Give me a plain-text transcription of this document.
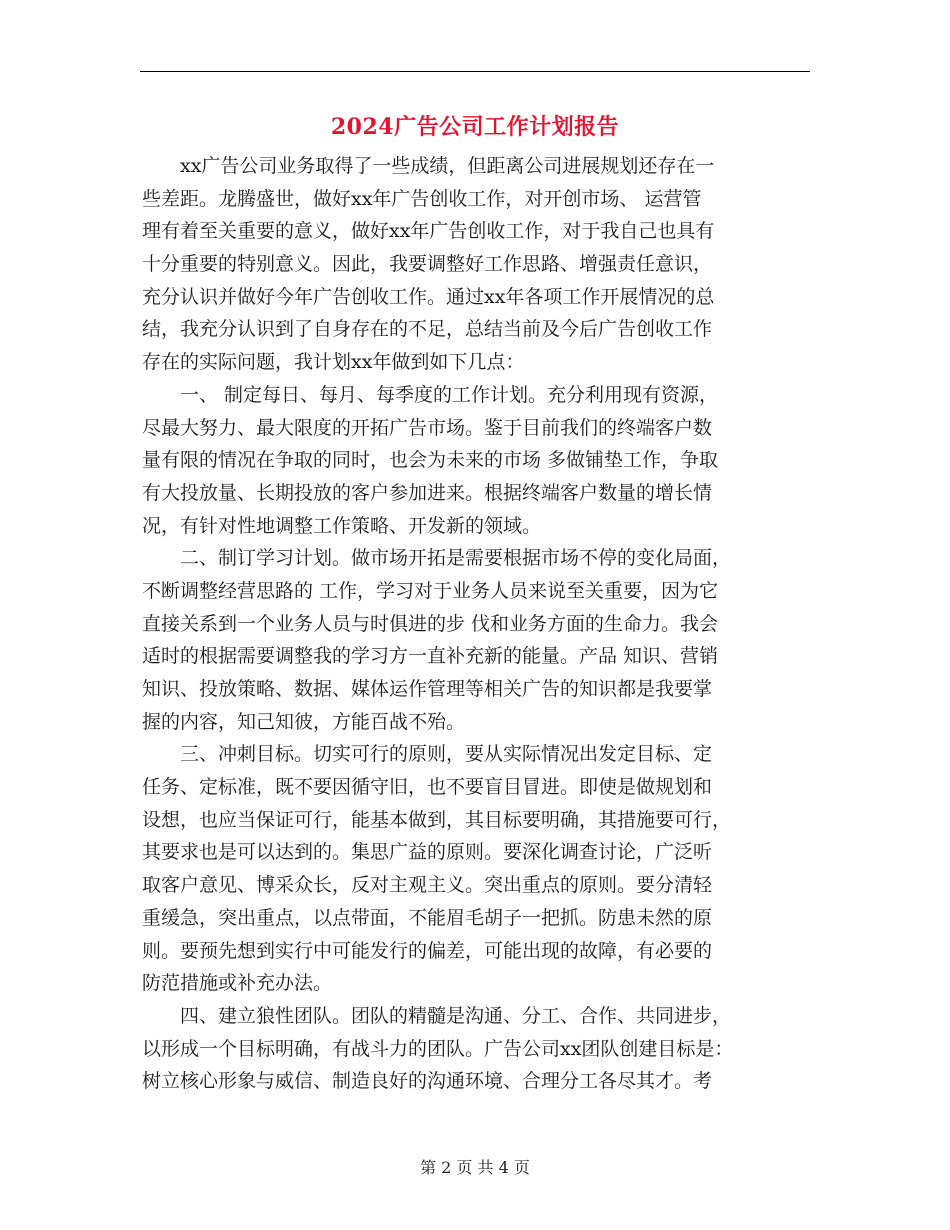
2024广告公司工作计划报告
　　xx广告公司业务取得了一些成绩，但距离公司进展规划还存在一
些差距。龙腾盛世，做好xx年广告创收工作，对开创市场、 运营管
理有着至关重要的意义，做好xx年广告创收工作，对于我自己也具有
十分重要的特别意义。因此，我要调整好工作思路、增强责任意识，
充分认识并做好今年广告创收工作。通过xx年各项工作开展情况的总
结，我充分认识到了自身存在的不足，总结当前及今后广告创收工作
存在的实际问题，我计划xx年做到如下几点：
　　一、 制定每日、每月、每季度的工作计划。充分利用现有资源，
尽最大努力、最大限度的开拓广告市场。鉴于目前我们的终端客户数
量有限的情况在争取的同时，也会为未来的市场 多做铺垫工作，争取
有大投放量、长期投放的客户参加进来。根据终端客户数量的增长情
况，有针对性地调整工作策略、开发新的领域。
　　二、制订学习计划。做市场开拓是需要根据市场不停的变化局面，
不断调整经营思路的 工作，学习对于业务人员来说至关重要，因为它
直接关系到一个业务人员与时俱进的步 伐和业务方面的生命力。我会
适时的根据需要调整我的学习方一直补充新的能量。产品 知识、营销
知识、投放策略、数据、媒体运作管理等相关广告的知识都是我要掌
握的内容，知己知彼，方能百战不殆。
　　三、冲刺目标。切实可行的原则，要从实际情况出发定目标、定
任务、定标准，既不要因循守旧，也不要盲目冒进。即使是做规划和
设想，也应当保证可行，能基本做到，其目标要明确，其措施要可行，
其要求也是可以达到的。集思广益的原则。要深化调查讨论，广泛听
取客户意见、博采众长，反对主观主义。突出重点的原则。要分清轻
重缓急，突出重点，以点带面，不能眉毛胡子一把抓。防患未然的原
则。要预先想到实行中可能发行的偏差，可能出现的故障，有必要的
防范措施或补充办法。
　　四、建立狼性团队。团队的精髓是沟通、分工、合作、共同进步，
以形成一个目标明确，有战斗力的团队。广告公司xx团队创建目标是：
树立核心形象与威信、制造良好的沟通环境、合理分工各尽其才。考
第 2 页 共 4 页
